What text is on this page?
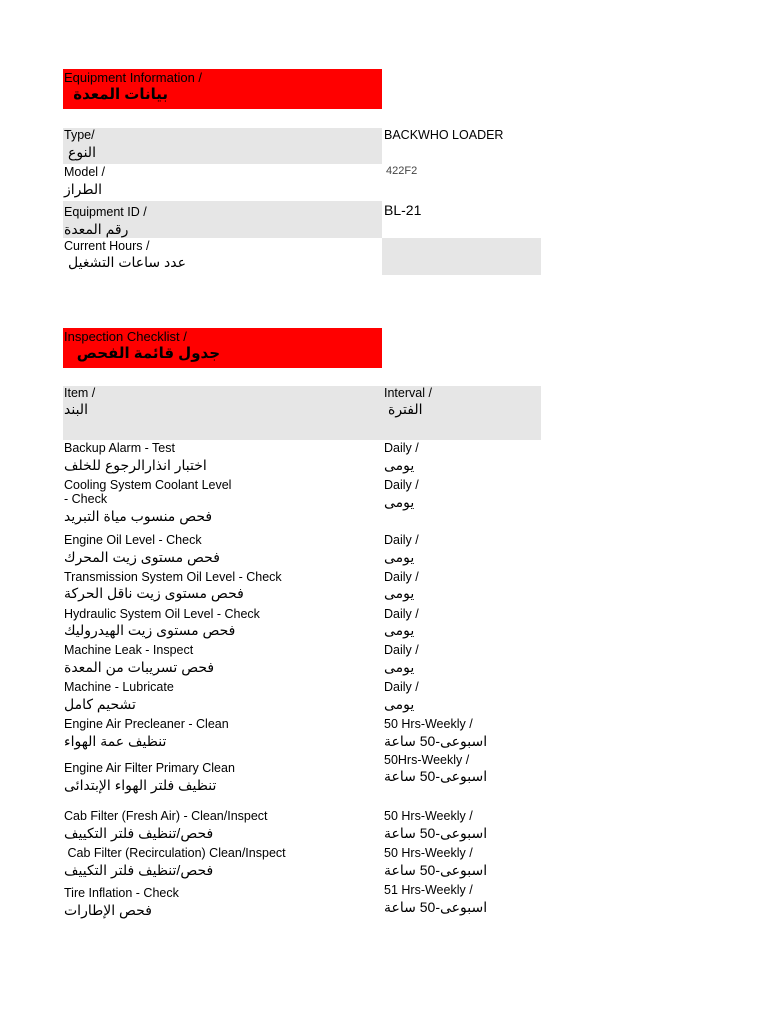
Equipment Information /
بيانات المعدة
Type/
النوع
BACKWHO LOADER
Model /
الطراز
422F2
Equipment ID /
رقم المعدة
BL-21
Current Hours /
عدد ساعات التشغيل
Inspection Checklist /
جدول قائمة الفحص
Item /
البند
Interval /
الفترة
Backup Alarm - Test
اختبار انذارالرجوع للخلف
Daily /
يومى
Cooling System Coolant Level
- Check
فحص منسوب مياة التبريد
Daily /
يومى
Engine Oil Level - Check
فحص مستوى زيت المحرك
Daily /
يومى
Transmission System Oil Level - Check
فحص مستوى زيت ناقل الحركة
Daily /
يومى
Hydraulic System Oil Level - Check
فحص مستوى زيت الهيدروليك
Daily /
يومى
Machine Leak - Inspect
فحص تسريبات من المعدة
Daily /
يومى
Machine - Lubricate
تشحيم كامل
Daily /
يومى
Engine Air Precleaner - Clean
تنظيف عمة الهواء
50 Hrs-Weekly /
اسبوعى-50 ساعة
Engine Air Filter Primary Clean
تنظيف فلتر الهواء الإبتدائى
50Hrs-Weekly /
اسبوعى-50 ساعة
Cab Filter (Fresh Air) - Clean/Inspect
فحص/تنظيف فلتر التكييف
50 Hrs-Weekly /
اسبوعى-50 ساعة
Cab Filter (Recirculation) Clean/Inspect
فحص/تنظيف فلتر التكييف
50 Hrs-Weekly /
اسبوعى-50 ساعة
Tire Inflation - Check
فحص الإطارات
51 Hrs-Weekly /
اسبوعى-50 ساعة
